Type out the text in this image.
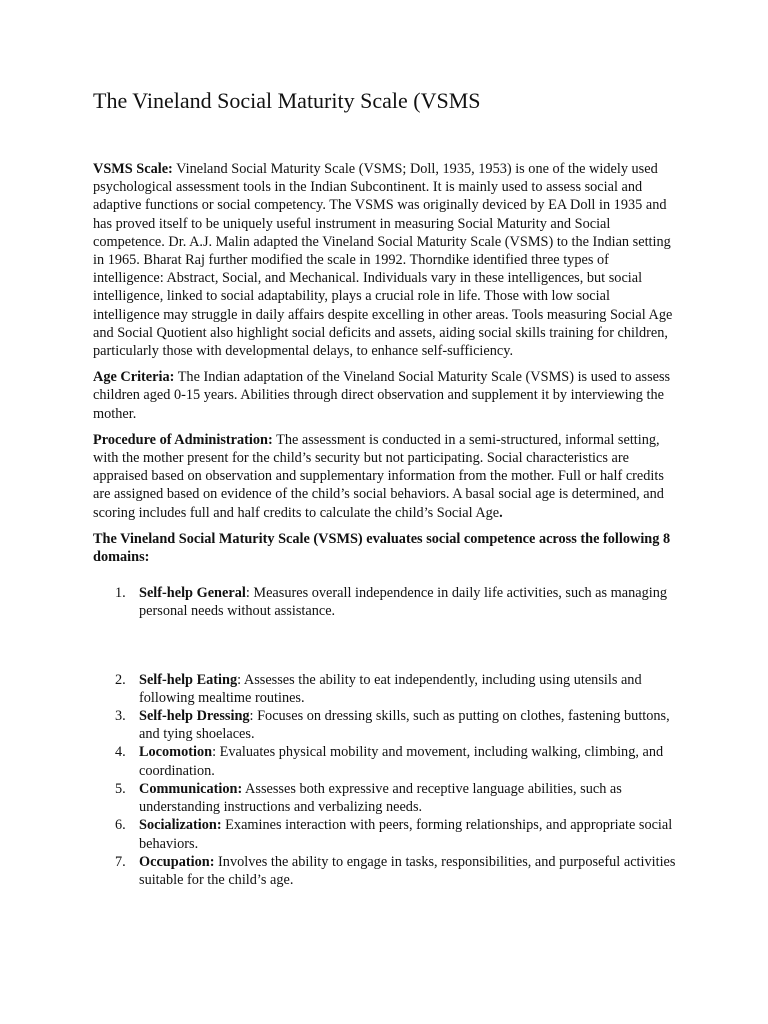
The Vineland Social Maturity Scale (VSMS

VSMS Scale: Vineland Social Maturity Scale (VSMS; Doll, 1935, 1953) is one of the widely used psychological assessment tools in the Indian Subcontinent. It is mainly used to assess social and adaptive functions or social competency. The VSMS was originally deviced by EA Doll in 1935 and has proved itself to be uniquely useful instrument in measuring Social Maturity and Social competence. Dr. A.J. Malin adapted the Vineland Social Maturity Scale (VSMS) to the Indian setting in 1965. Bharat Raj further modified the scale in 1992. Thorndike identified three types of intelligence: Abstract, Social, and Mechanical. Individuals vary in these intelligences, but social intelligence, linked to social adaptability, plays a crucial role in life. Those with low social intelligence may struggle in daily affairs despite excelling in other areas. Tools measuring Social Age and Social Quotient also highlight social deficits and assets, aiding social skills training for children, particularly those with developmental delays, to enhance self-sufficiency.

Age Criteria: The Indian adaptation of the Vineland Social Maturity Scale (VSMS) is used to assess children aged 0-15 years. Abilities through direct observation and supplement it by interviewing the mother.

Procedure of Administration: The assessment is conducted in a semi-structured, informal setting, with the mother present for the child’s security but not participating. Social characteristics are appraised based on observation and supplementary information from the mother. Full or half credits are assigned based on evidence of the child’s social behaviors. A basal social age is determined, and scoring includes full and half credits to calculate the child’s Social Age.

The Vineland Social Maturity Scale (VSMS) evaluates social competence across the following 8 domains:

1. Self-help General: Measures overall independence in daily life activities, such as managing personal needs without assistance.
2. Self-help Eating: Assesses the ability to eat independently, including using utensils and following mealtime routines.
3. Self-help Dressing: Focuses on dressing skills, such as putting on clothes, fastening buttons, and tying shoelaces.
4. Locomotion: Evaluates physical mobility and movement, including walking, climbing, and coordination.
5. Communication: Assesses both expressive and receptive language abilities, such as understanding instructions and verbalizing needs.
6. Socialization: Examines interaction with peers, forming relationships, and appropriate social behaviors.
7. Occupation: Involves the ability to engage in tasks, responsibilities, and purposeful activities suitable for the child’s age.
